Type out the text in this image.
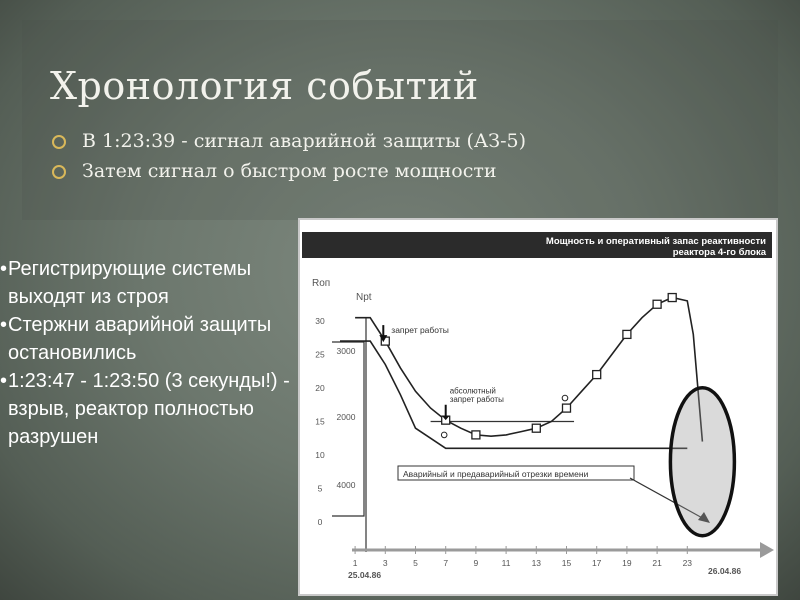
Хронология событий
В 1:23:39 - сигнал аварийной защиты (АЗ-5)
Затем сигнал о быстром росте мощности
• Регистрирующие системы выходят из строя
• Стержни аварийной защиты остановились
• 1:23:47 - 1:23:50 (3 секунды!) - взрыв, реактор полностью разрушен
Мощность и оперативный запас реактивности
реактора 4-го блока
Rоп
Npt
0
5
10
15
20
25
30
4000
2000
3000
1	3	5	7	9	11 13 15 17 19 21 23
запрет работы
абсолютный
запрет работы
Аварийный и предаварийный отрезки времени
25.04.86	26.04.86
